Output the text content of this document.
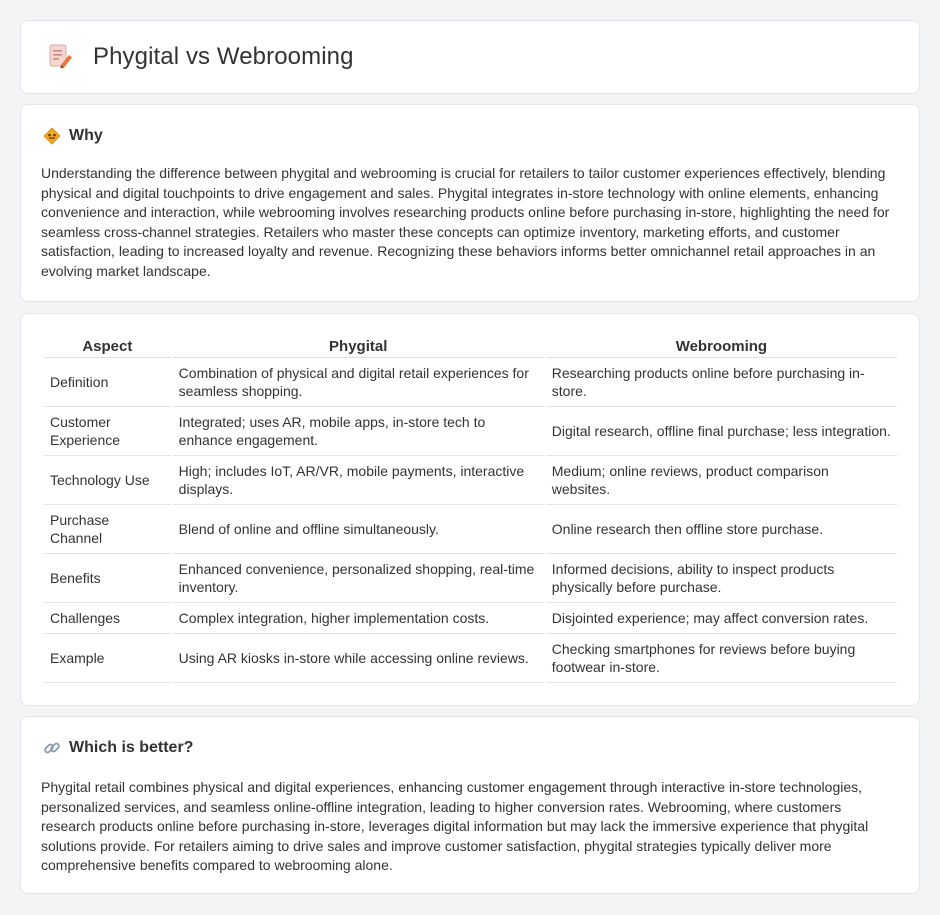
Phygital vs Webrooming
Why

Understanding the difference between phygital and webrooming is crucial for retailers to tailor customer experiences effectively, blending physical and digital touchpoints to drive engagement and sales. Phygital integrates in-store technology with online elements, enhancing convenience and interaction, while webrooming involves researching products online before purchasing in-store, highlighting the need for seamless cross-channel strategies. Retailers who master these concepts can optimize inventory, marketing efforts, and customer satisfaction, leading to increased loyalty and revenue. Recognizing these behaviors informs better omnichannel retail approaches in an evolving market landscape.

Aspect	Phygital	Webrooming
Definition	Combination of physical and digital retail experiences for seamless shopping.	Researching products online before purchasing in-store.
Customer Experience	Integrated; uses AR, mobile apps, in-store tech to enhance engagement.	Digital research, offline final purchase; less integration.
Technology Use	High; includes IoT, AR/VR, mobile payments, interactive displays.	Medium; online reviews, product comparison websites.
Purchase Channel	Blend of online and offline simultaneously.	Online research then offline store purchase.
Benefits	Enhanced convenience, personalized shopping, real-time inventory.	Informed decisions, ability to inspect products physically before purchase.
Challenges	Complex integration, higher implementation costs.	Disjointed experience; may affect conversion rates.
Example	Using AR kiosks in-store while accessing online reviews.	Checking smartphones for reviews before buying footwear in-store.
Which is better?

Phygital retail combines physical and digital experiences, enhancing customer engagement through interactive in-store technologies, personalized services, and seamless online-offline integration, leading to higher conversion rates. Webrooming, where customers research products online before purchasing in-store, leverages digital information but may lack the immersive experience that phygital solutions provide. For retailers aiming to drive sales and improve customer satisfaction, phygital strategies typically deliver more comprehensive benefits compared to webrooming alone.
